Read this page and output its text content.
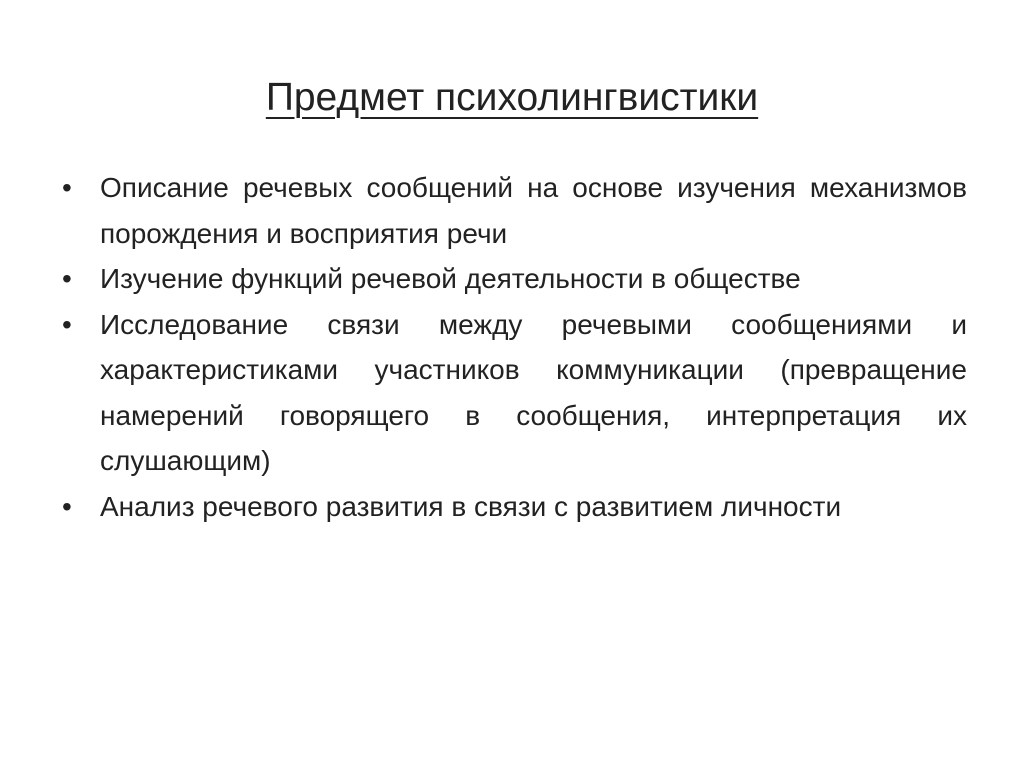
Предмет психолингвистики
•	Описание речевых сообщений на основе изучения механизмов порождения и восприятия речи
•	Изучение функций речевой деятельности в обществе
•	Исследование связи между речевыми сообщениями и характеристиками участников коммуникации (превращение намерений говорящего в сообщения, интерпретация их слушающим)
•	Анализ речевого развития в связи с развитием личности
